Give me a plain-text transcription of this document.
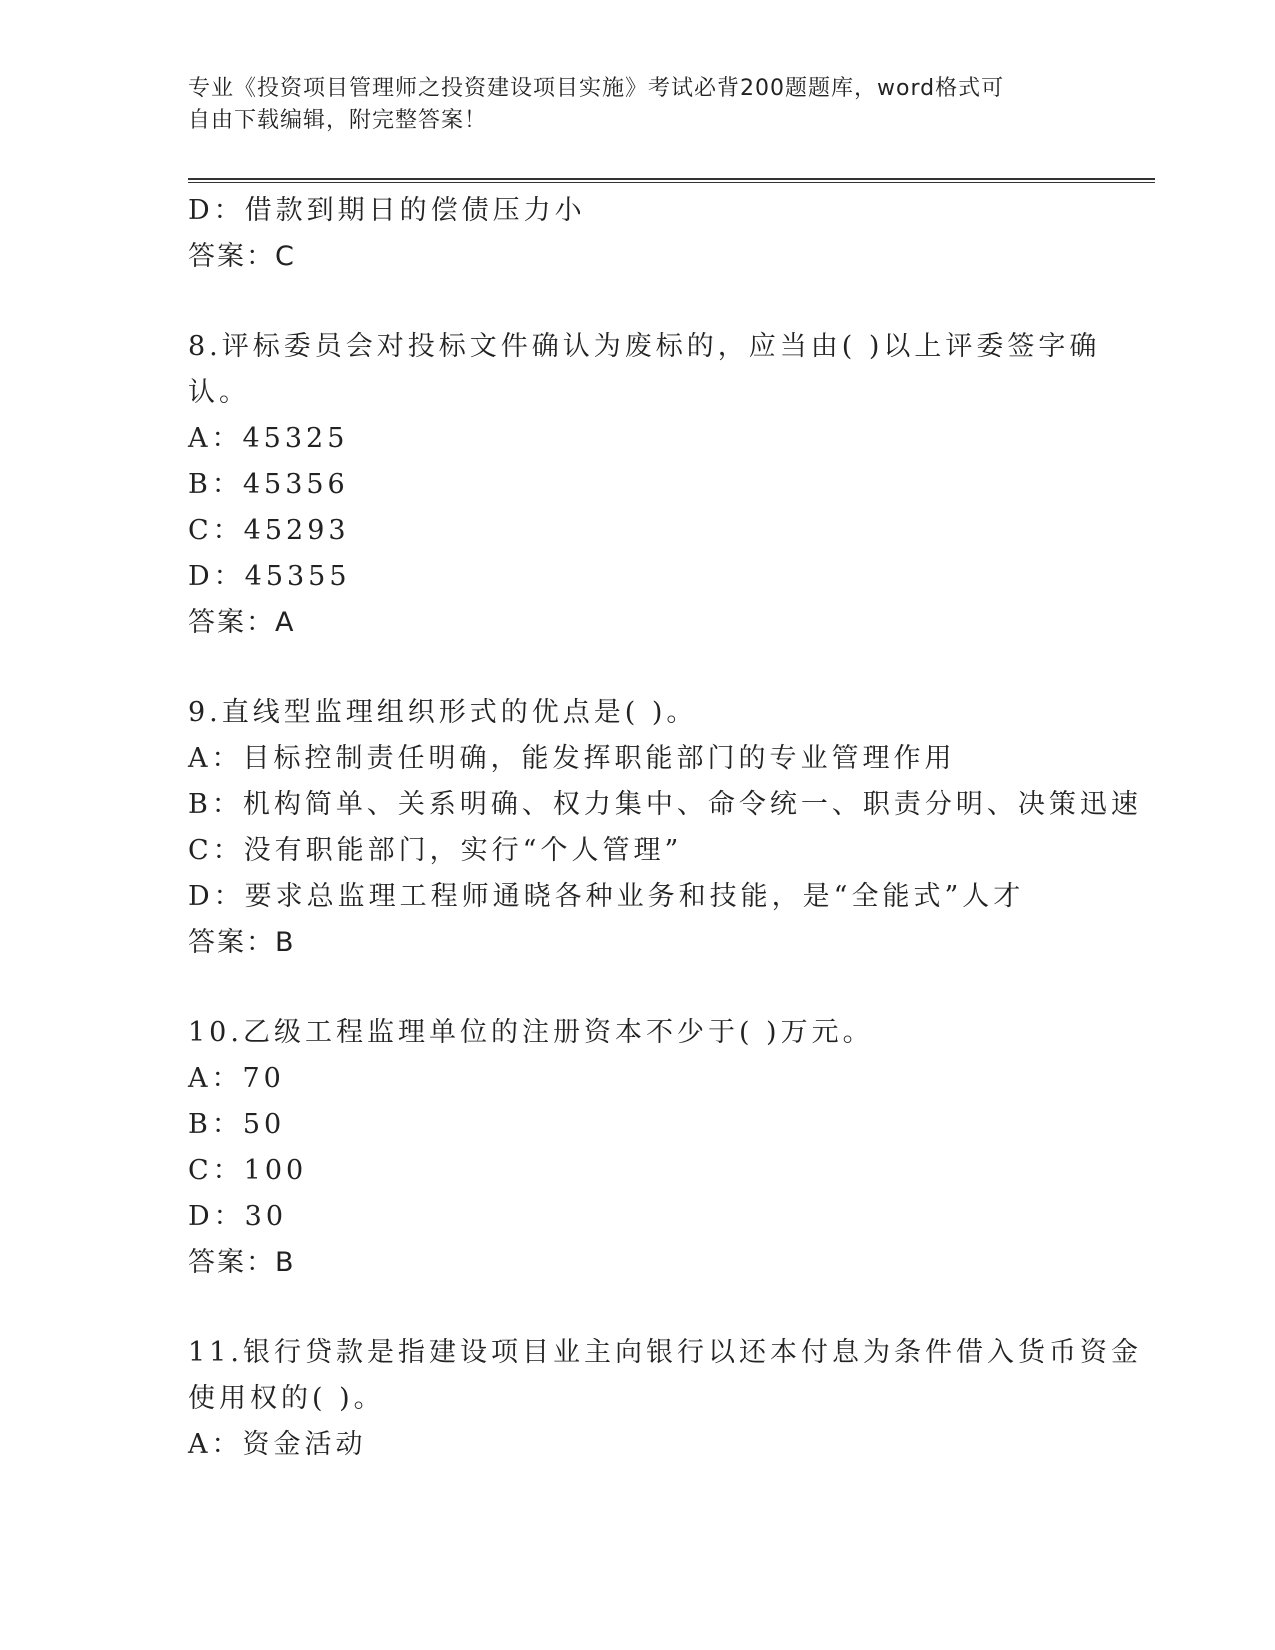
专业《投资项目管理师之投资建设项目实施》考试必背200题题库，word格式可
自由下载编辑，附完整答案！
D：借款到期日的偿债压力小
答案：C
8.评标委员会对投标文件确认为废标的，应当由( )以上评委签字确
认。
A：45325
B：45356
C：45293
D：45355
答案：A
9.直线型监理组织形式的优点是( )。
A：目标控制责任明确，能发挥职能部门的专业管理作用
B：机构简单、关系明确、权力集中、命令统一、职责分明、决策迅速
C：没有职能部门，实行“个人管理”
D：要求总监理工程师通晓各种业务和技能，是“全能式”人才
答案：B
10.乙级工程监理单位的注册资本不少于( )万元。
A：70
B：50
C：100
D：30
答案：B
11.银行贷款是指建设项目业主向银行以还本付息为条件借入货币资金
使用权的( )。
A：资金活动
